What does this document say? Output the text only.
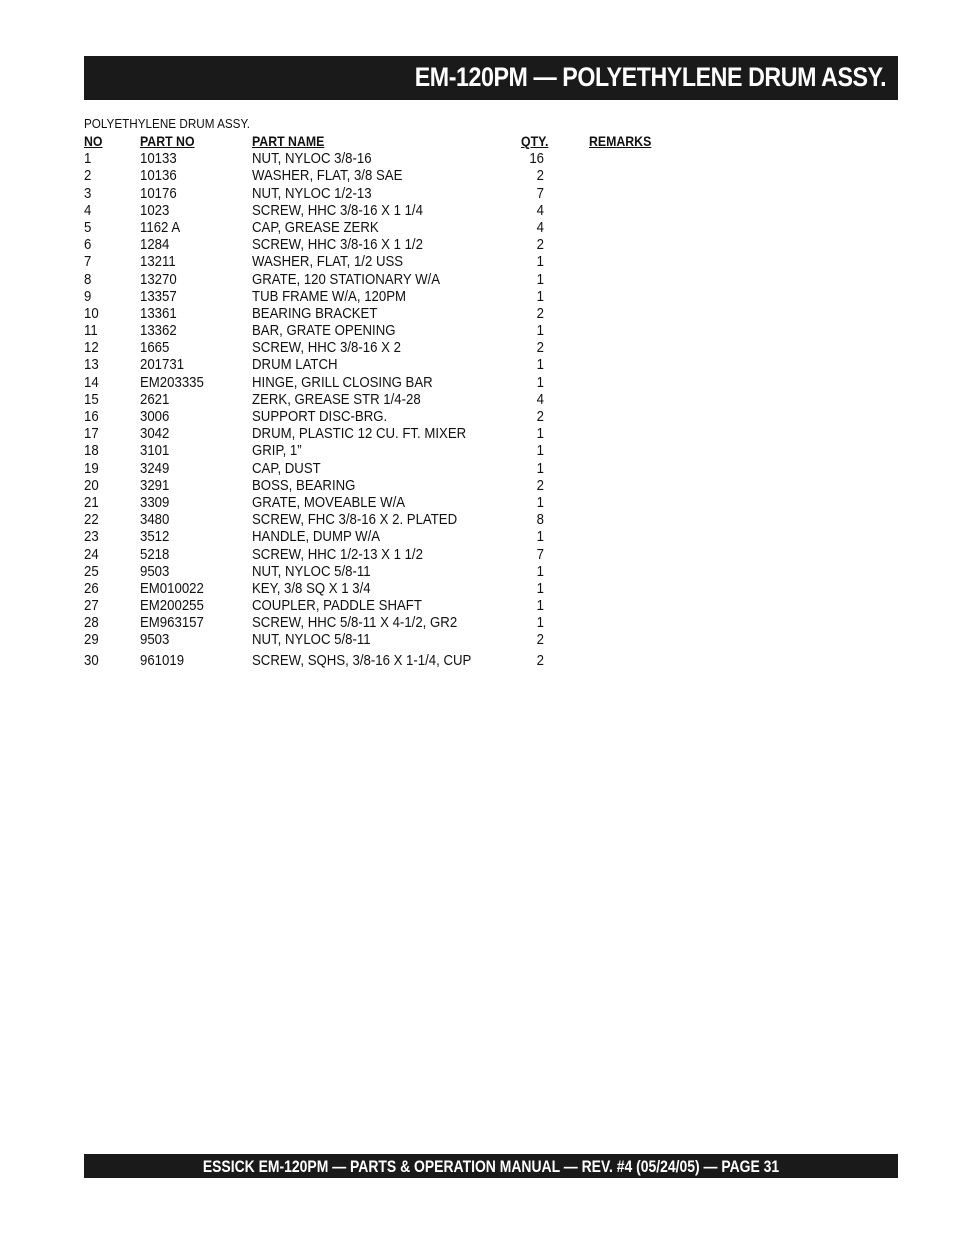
EM-120PM — POLYETHYLENE DRUM ASSY.
POLYETHYLENE DRUM ASSY.
NO	PART NO	PART NAME	QTY.	REMARKS
1	10133	NUT, NYLOC 3/8-16	16
2	10136	WASHER, FLAT, 3/8 SAE	2
3	10176	NUT, NYLOC 1/2-13	7
4	1023	SCREW, HHC 3/8-16 X 1 1/4	4
5	1162 A	CAP, GREASE ZERK	4
6	1284	SCREW, HHC 3/8-16 X 1 1/2	2
7	13211	WASHER, FLAT, 1/2 USS	1
8	13270	GRATE, 120 STATIONARY W/A	1
9	13357	TUB FRAME W/A, 120PM	1
10	13361	BEARING BRACKET	2
11	13362	BAR, GRATE OPENING	1
12	1665	SCREW, HHC 3/8-16 X 2	2
13	201731	DRUM LATCH	1
14	EM203335	HINGE, GRILL CLOSING BAR	1
15	2621	ZERK, GREASE STR 1/4-28	4
16	3006	SUPPORT DISC-BRG.	2
17	3042	DRUM, PLASTIC 12 CU. FT. MIXER	1
18	3101	GRIP, 1”	1
19	3249	CAP, DUST	1
20	3291	BOSS, BEARING	2
21	3309	GRATE, MOVEABLE W/A	1
22	3480	SCREW, FHC 3/8-16 X 2. PLATED	8
23	3512	HANDLE, DUMP W/A	1
24	5218	SCREW, HHC 1/2-13 X 1 1/2	7
25	9503	NUT, NYLOC 5/8-11	1
26	EM010022	KEY, 3/8 SQ X 1 3/4	1
27	EM200255	COUPLER, PADDLE SHAFT	1
28	EM963157	SCREW, HHC 5/8-11 X 4-1/2, GR2	1
29	9503	NUT, NYLOC 5/8-11	2
30	961019	SCREW, SQHS, 3/8-16 X 1-1/4, CUP	2
ESSICK EM-120PM — PARTS & OPERATION MANUAL — REV. #4 (05/24/05) — PAGE 31
